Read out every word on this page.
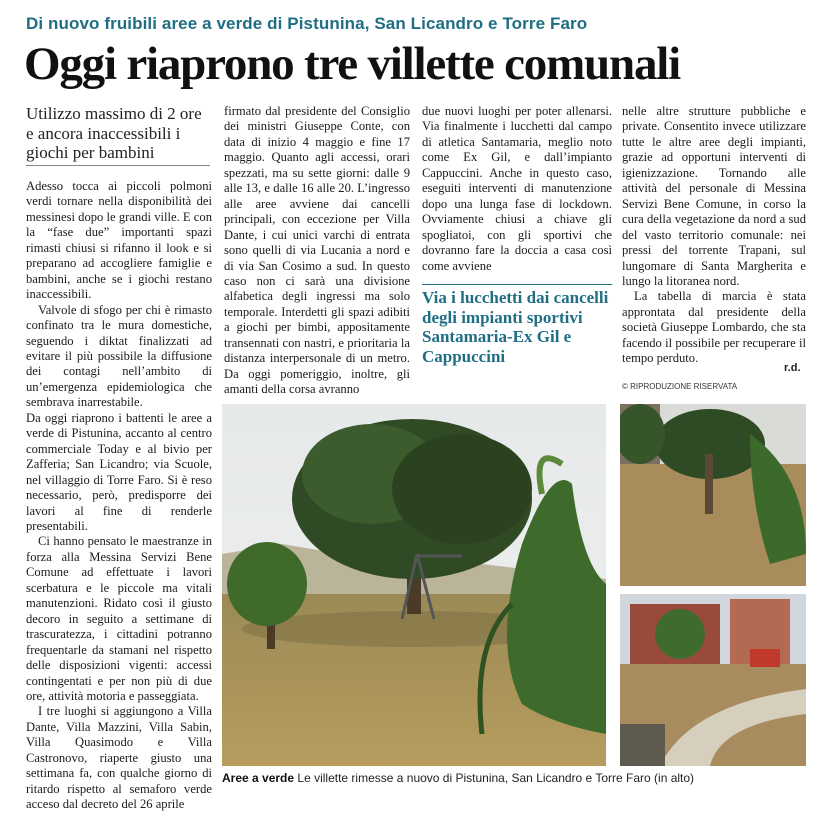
Di nuovo fruibili aree a verde di Pistunina, San Licandro e Torre Faro
Oggi riaprono tre villette comunali
Utilizzo massimo di 2 ore e ancora inaccessibili i giochi per bambini

Adesso tocca ai piccoli polmoni verdi tornare nella disponibilità dei messinesi dopo le grandi ville. E con la “fase due” importanti spazi rimasti chiusi si rifanno il look e si preparano ad accogliere famiglie e bambini, anche se i giochi restano inaccessibili.

Valvole di sfogo per chi è rimasto confinato tra le mura domestiche, seguendo i diktat finalizzati ad evitare il più possibile la diffusione dei contagi nell’ambito di un’emergenza epidemiologica che sembrava inarrestabile.

Da oggi riaprono i battenti le aree a verde di Pistunina, accanto al centro commerciale Today e al bivio per Zafferia; San Licandro; via Scuole, nel villaggio di Torre Faro. Si è reso necessario, però, predisporre dei lavori al fine di renderle presentabili.

Ci hanno pensato le maestranze in forza alla Messina Servizi Bene Comune ad effettuate i lavori scerbatura e le piccole ma vitali manutenzioni. Ridato così il giusto decoro in seguito a settimane di trascuratezza, i cittadini potranno frequentarle da stamani nel rispetto delle disposizioni vigenti: accessi contingentati e per non più di due ore, attività motoria e passeggiata.

I tre luoghi si aggiungono a Villa Dante, Villa Mazzini, Villa Sabin, Villa Quasimodo e Villa Castronovo, riaperte giusto una settimana fa, con qualche giorno di ritardo rispetto al semaforo verde acceso dal decreto del 26 aprile

firmato dal presidente del Consiglio dei ministri Giuseppe Conte, con data di inizio 4 maggio e fine 17 maggio. Quanto agli accessi, orari spezzati, ma su sette giorni: dalle 9 alle 13, e dalle 16 alle 20. L’ingresso alle aree avviene dai cancelli principali, con eccezione per Villa Dante, i cui unici varchi di entrata sono quelli di via Lucania a nord e di via San Cosimo a sud. In questo caso non ci sarà una divisione alfabetica degli ingressi ma solo temporale. Interdetti gli spazi adibiti a giochi per bimbi, appositamente transennati con nastri, e prioritaria la distanza interpersonale di un metro. Da oggi pomeriggio, inoltre, gli amanti della corsa avranno

due nuovi luoghi per poter allenarsi. Via finalmente i lucchetti dal campo di atletica Santamaria, meglio noto come Ex Gil, e dall’impianto Cappuccini. Anche in questo caso, eseguiti interventi di manutenzione dopo una lunga fase di lockdown. Ovviamente chiusi a chiave gli spogliatoi, con gli sportivi che dovranno fare la doccia a casa così come avviene

Via i lucchetti dai cancelli degli impianti sportivi Santamaria-Ex Gil e Cappuccini

nelle altre strutture pubbliche e private. Consentito invece utilizzare tutte le altre aree degli impianti, grazie ad opportuni interventi di igienizzazione. Tornando alle attività del personale di Messina Servizi Bene Comune, in corso la cura della vegetazione da nord a sud del vasto territorio comunale: nei pressi del torrente Trapani, sul lungomare di Santa Margherita e lungo la litoranea nord.

La tabella di marcia è stata approntata dal presidente della società Giuseppe Lombardo, che sta facendo il possibile per recuperare il tempo perduto.

r.d.
© RIPRODUZIONE RISERVATA
Aree a verde Le villette rimesse a nuovo di Pistunina, San Licandro e Torre Faro (in alto)
